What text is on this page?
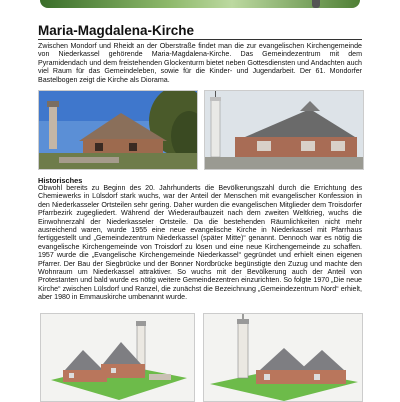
Maria-Magdalena-Kirche

Zwischen Mondorf und Rheidt an der Oberstraße findet man die zur evangelischen Kirchengemeinde von Niederkassel gehörende Maria-Magdalena-Kirche. Das Gemeindezentrum mit dem Pyramidendach und dem freistehenden Glockenturm bietet neben Gottesdiensten und Andachten auch viel Raum für das Gemeindeleben, sowie für die Kinder- und Jugendarbeit. Der 61. Mondorfer Bastelbogen zeigt die Kirche als Diorama.

Historisches

Obwohl bereits zu Beginn des 20. Jahrhunderts die Bevölkerungszahl durch die Errichtung des Chemiewerks in Lülsdorf stark wuchs, war der Anteil der Menschen mit evangelischer Konfession in den Niederkasseler Ortsteilen sehr gering. Daher wurden die evangelischen Mitglieder dem Troisdorfer Pfarrbezirk zugegliedert. Während der Wiederaufbauzeit nach dem zweiten Weltkrieg, wuchs die Einwohnerzahl der Niederkasseler Ortsteile. Da die bestehenden Räumlichkeiten nicht mehr ausreichend waren, wurde 1955 eine neue evangelische Kirche in Niederkassel mit Pfarrhaus fertiggestellt und „Gemeindezentrum Niederkassel (später Mitte)“ genannt. Dennoch war es nötig die evangelische Kirchengemeinde von Troisdorf zu lösen und eine neue Kirchengemeinde zu schaffen. 1957 wurde die „Evangelische Kirchengemeinde Niederkassel“ gegründet und erhielt einen eigenen Pfarrer. Der Bau der Siegbrücke und der Bonner Nordbrücke begünstigte den Zuzug und machte den Wohnraum um Niederkassel attraktiver. So wuchs mit der Bevölkerung auch der Anteil von Protestanten und bald wurde es nötig weitere Gemeindezentren einzurichten. So folgte 1970 „Die neue Kirche“ zwischen Lülsdorf und Ranzel, die zunächst die Bezeichnung „Gemeindezentrum Nord“ erhielt, aber 1980 in Emmauskirche umbenannt wurde.
